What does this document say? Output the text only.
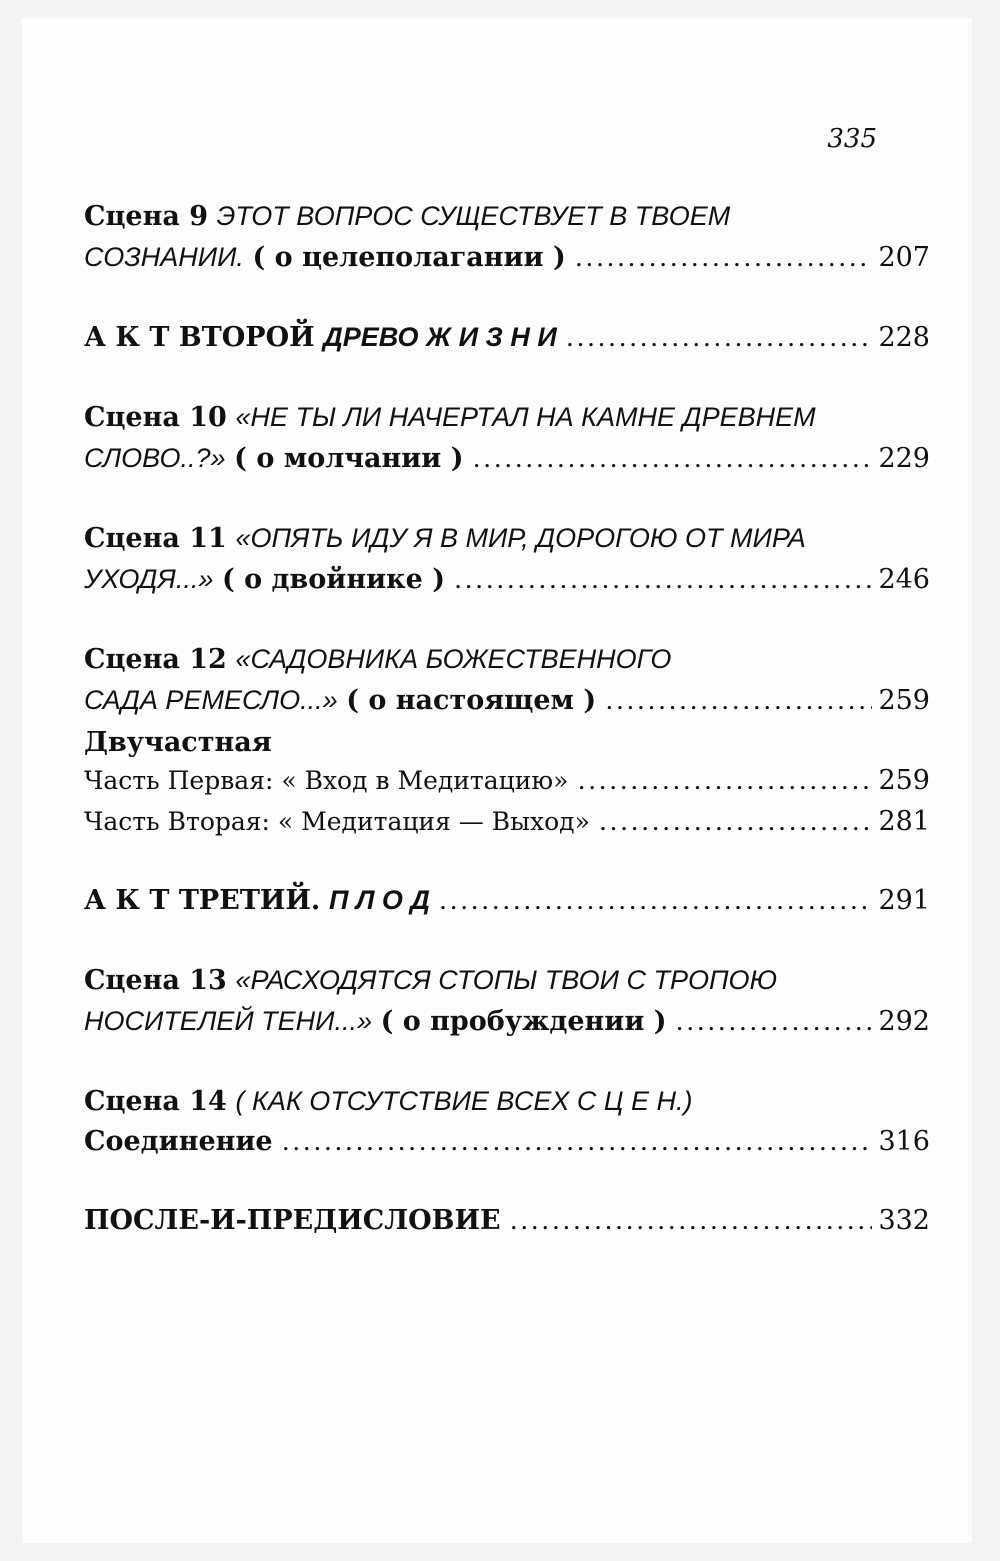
335
Сцена 9
ЭТОТ ВОПРОС СУЩЕСТВУЕТ В ТВОЕМ
СОЗНАНИИ.
( о целеполагании ) . . .	207
А К Т ВТОРОЙ
ДРЕВО Ж И З Н И . . .	228
Сцена 10
«НЕ ТЫ ЛИ НАЧЕРТАЛ НА КАМНЕ ДРЕВНЕМ
СЛОВО..?»
( о молчании ) . . .	229
Сцена 11
«ОПЯТЬ ИДУ Я В МИР, ДОРОГОЮ ОТ МИРА
УХОДЯ...»
( о двойнике ) . . .	246
Сцена 12
«САДОВНИКА БОЖЕСТВЕННОГО
САДА РЕМЕСЛО...»
( о настоящем ) . . .	259
Двучастная
Часть Первая: « Вход в Медитацию» . . .	259
Часть Вторая: « Медитация — Выход» . . .	281
А К Т ТРЕТИЙ.
П Л О Д . . .	291
Сцена 13
«РАСХОДЯТСЯ СТОПЫ ТВОИ С ТРОПОЮ
НОСИТЕЛЕЙ ТЕНИ...»
( о пробуждении ) . . .	292
Сцена 14
( КАК ОТСУТСТВИЕ ВСЕХ С Ц Е Н.)
Соединение . . .	316
ПОСЛЕ-И-ПРЕДИСЛОВИЕ . . .	332
